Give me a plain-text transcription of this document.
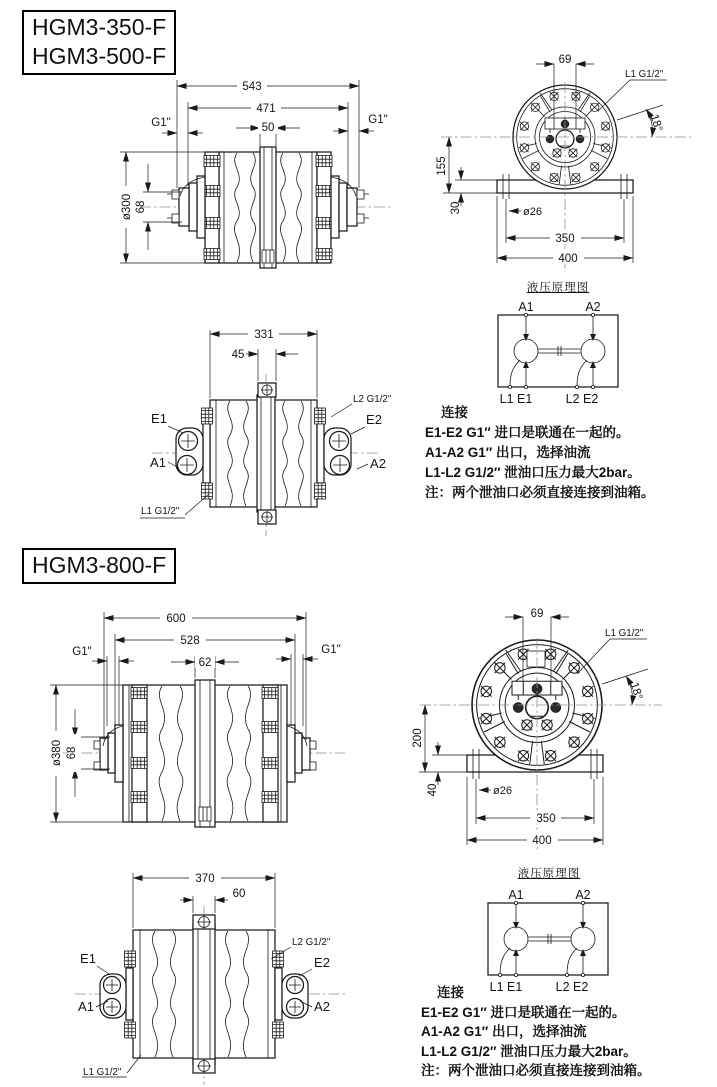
543
471
50
G1"	G1"
ø300 68
69
L1 G1/2"
18°
155
30	ø26
350
400
A1	A2
L1 E1	L2 E2
331
45
E1
A1
E2
A2
L2 G1/2"
L1 G1/2"
600
528
62
G1"	G1"
ø380 68
69
L1 G1/2"
18°
200
40	ø26
350
400
A1	A2
L1 E1	L2 E2
370
60
E1
A1
E2
A2
L2 G1/2"
L1 G1/2"
HGM3-350-F
HGM3-500-F
液压原理图
连接
E1-E2 G1″ 进口是联通在一起的。
A1-A2 G1″ 出口，选择油流
L1-L2 G1/2″ 泄油口压力最大2bar。
注：两个泄油口必须直接连接到油箱。
HGM3-800-F
液压原理图
连接
E1-E2 G1″ 进口是联通在一起的。
A1-A2 G1″ 出口，选择油流
L1-L2 G1/2″ 泄油口压力最大2bar。
注：两个泄油口必须直接连接到油箱。
